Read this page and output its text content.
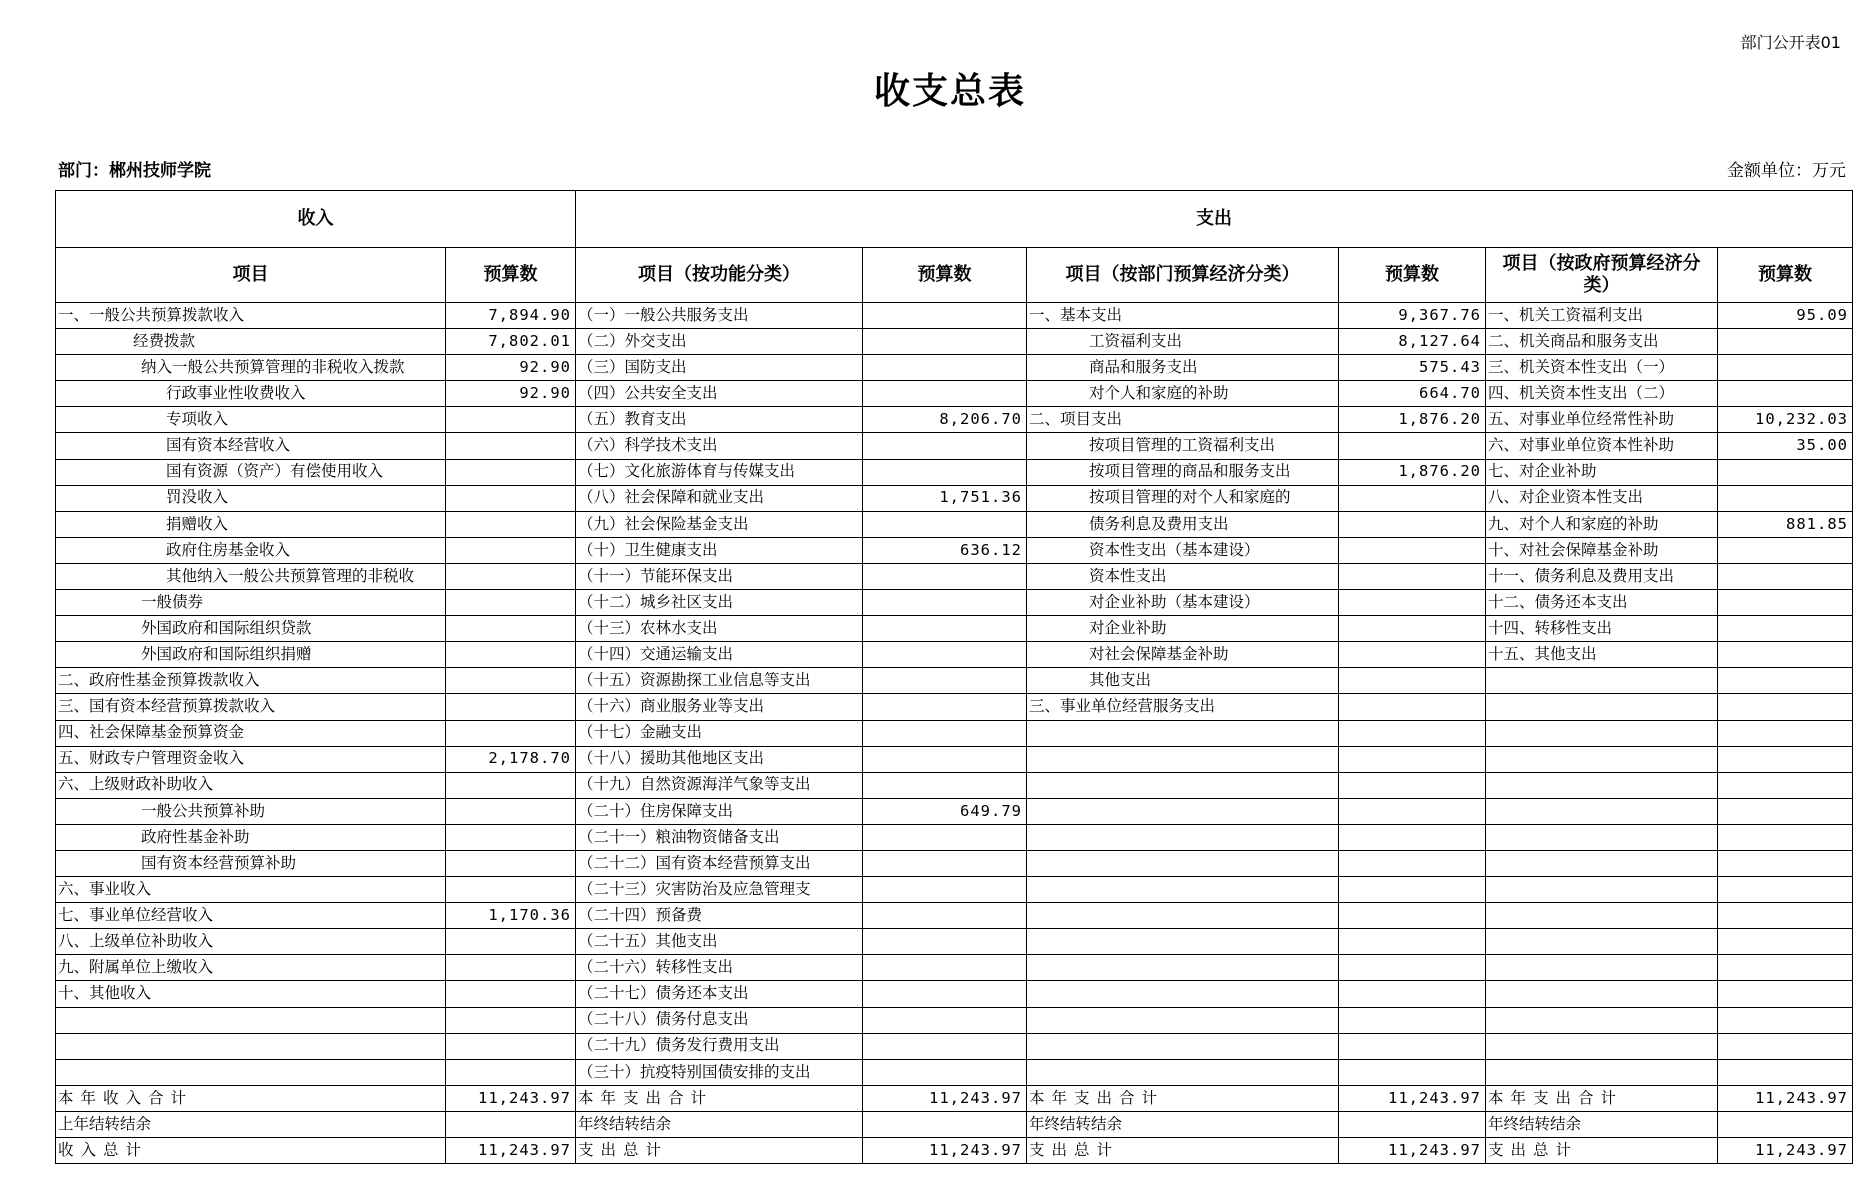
部门公开表01
收支总表
部门：郴州技师学院	金额单位：万元
收入		支出					
项目	预算数	项目（按功能分类）	预算数	项目（按部门预算经济分类）	预算数	项目（按政府预算经济分类）	预算数
一、一般公共预算拨款收入	7,894.90	（一）一般公共服务支出		一、基本支出	9,367.76	一、机关工资福利支出	95.09
经费拨款	7,802.01	（二）外交支出		工资福利支出	8,127.64	二、机关商品和服务支出	
纳入一般公共预算管理的非税收入拨款	92.90	（三）国防支出		商品和服务支出	575.43	三、机关资本性支出（一）	
行政事业性收费收入	92.90	（四）公共安全支出		对个人和家庭的补助	664.70	四、机关资本性支出（二）	
专项收入		（五）教育支出	8,206.70	二、项目支出	1,876.20	五、对事业单位经常性补助	10,232.03
国有资本经营收入		（六）科学技术支出		按项目管理的工资福利支出		六、对事业单位资本性补助	35.00
国有资源（资产）有偿使用收入		（七）文化旅游体育与传媒支出		按项目管理的商品和服务支出	1,876.20	七、对企业补助	
罚没收入		（八）社会保障和就业支出	1,751.36	按项目管理的对个人和家庭的		八、对企业资本性支出	
捐赠收入		（九）社会保险基金支出		债务利息及费用支出		九、对个人和家庭的补助	881.85
政府住房基金收入		（十）卫生健康支出	636.12	资本性支出（基本建设）		十、对社会保障基金补助	
其他纳入一般公共预算管理的非税收		（十一）节能环保支出		资本性支出		十一、债务利息及费用支出	
一般债券		（十二）城乡社区支出		对企业补助（基本建设）		十二、债务还本支出	
外国政府和国际组织贷款		（十三）农林水支出		对企业补助		十四、转移性支出	
外国政府和国际组织捐赠		（十四）交通运输支出		对社会保障基金补助		十五、其他支出	
二、政府性基金预算拨款收入		（十五）资源勘探工业信息等支出		其他支出			
三、国有资本经营预算拨款收入		（十六）商业服务业等支出		三、事业单位经营服务支出			
四、社会保障基金预算资金		（十七）金融支出					
五、财政专户管理资金收入	2,178.70	（十八）援助其他地区支出					
六、上级财政补助收入		（十九）自然资源海洋气象等支出					
一般公共预算补助		（二十）住房保障支出	649.79				
政府性基金补助		（二十一）粮油物资储备支出					
国有资本经营预算补助		（二十二）国有资本经营预算支出					
六、事业收入		（二十三）灾害防治及应急管理支					
七、事业单位经营收入	1,170.36	（二十四）预备费					
八、上级单位补助收入		（二十五）其他支出					
九、附属单位上缴收入		（二十六）转移性支出					
十、其他收入		（二十七）债务还本支出					
		（二十八）债务付息支出					
		（二十九）债务发行费用支出					
		（三十）抗疫特别国债安排的支出					
本年收入合计	11,243.97	本年支出合计	11,243.97	本年支出合计	11,243.97	本年支出合计	11,243.97
上年结转结余		年终结转结余		年终结转结余		年终结转结余	
收入总计	11,243.97	支出总计	11,243.97	支出总计	11,243.97	支出总计	11,243.97
